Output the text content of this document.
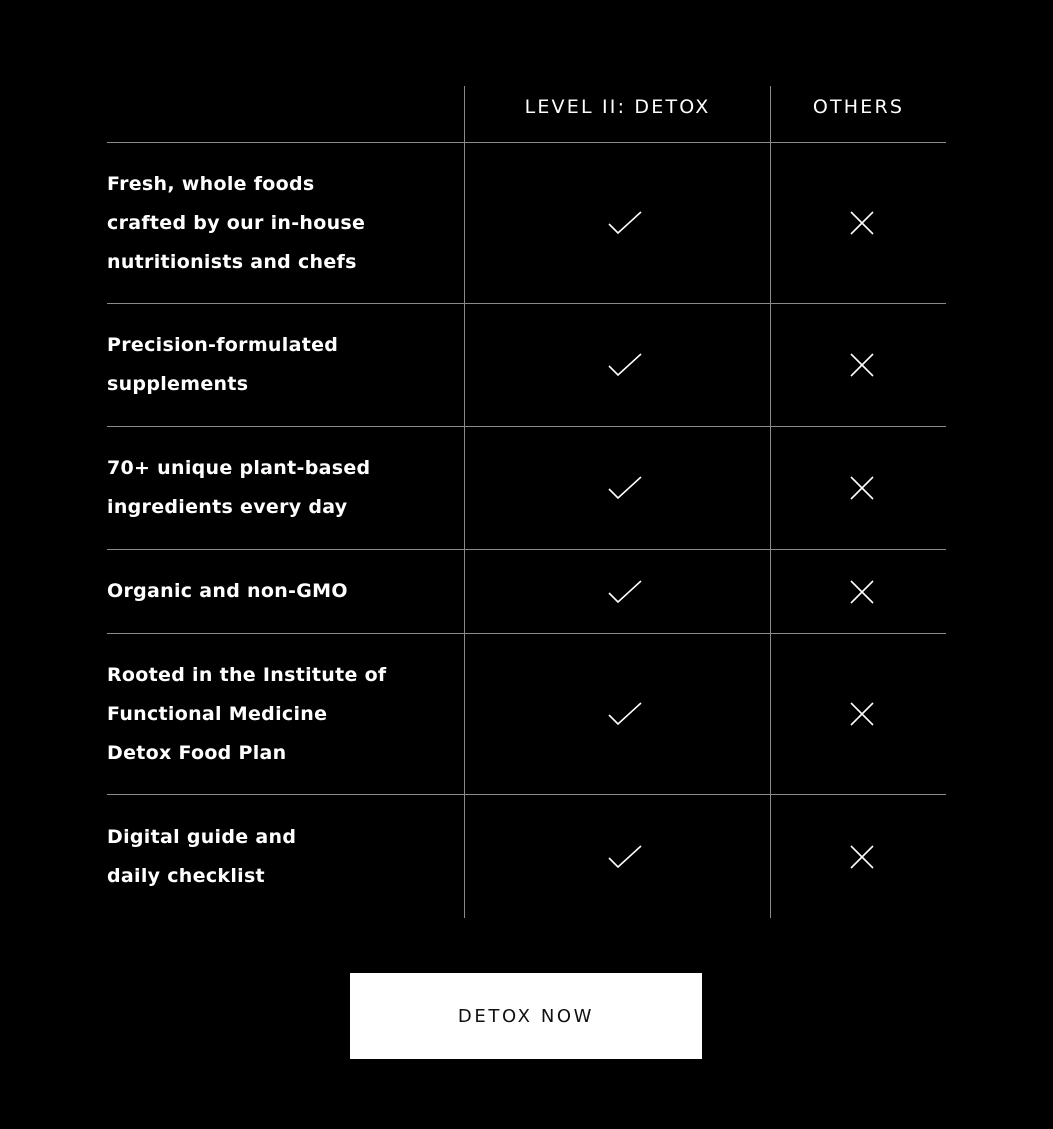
LEVEL II: DETOX	OTHERS
Fresh, whole foods
crafted by our in-house
nutritionists and chefs
Precision-formulated
supplements
70+ unique plant-based
ingredients every day
Organic and non-GMO
Rooted in the Institute of
Functional Medicine
Detox Food Plan
Digital guide and
daily checklist
DETOX NOW
